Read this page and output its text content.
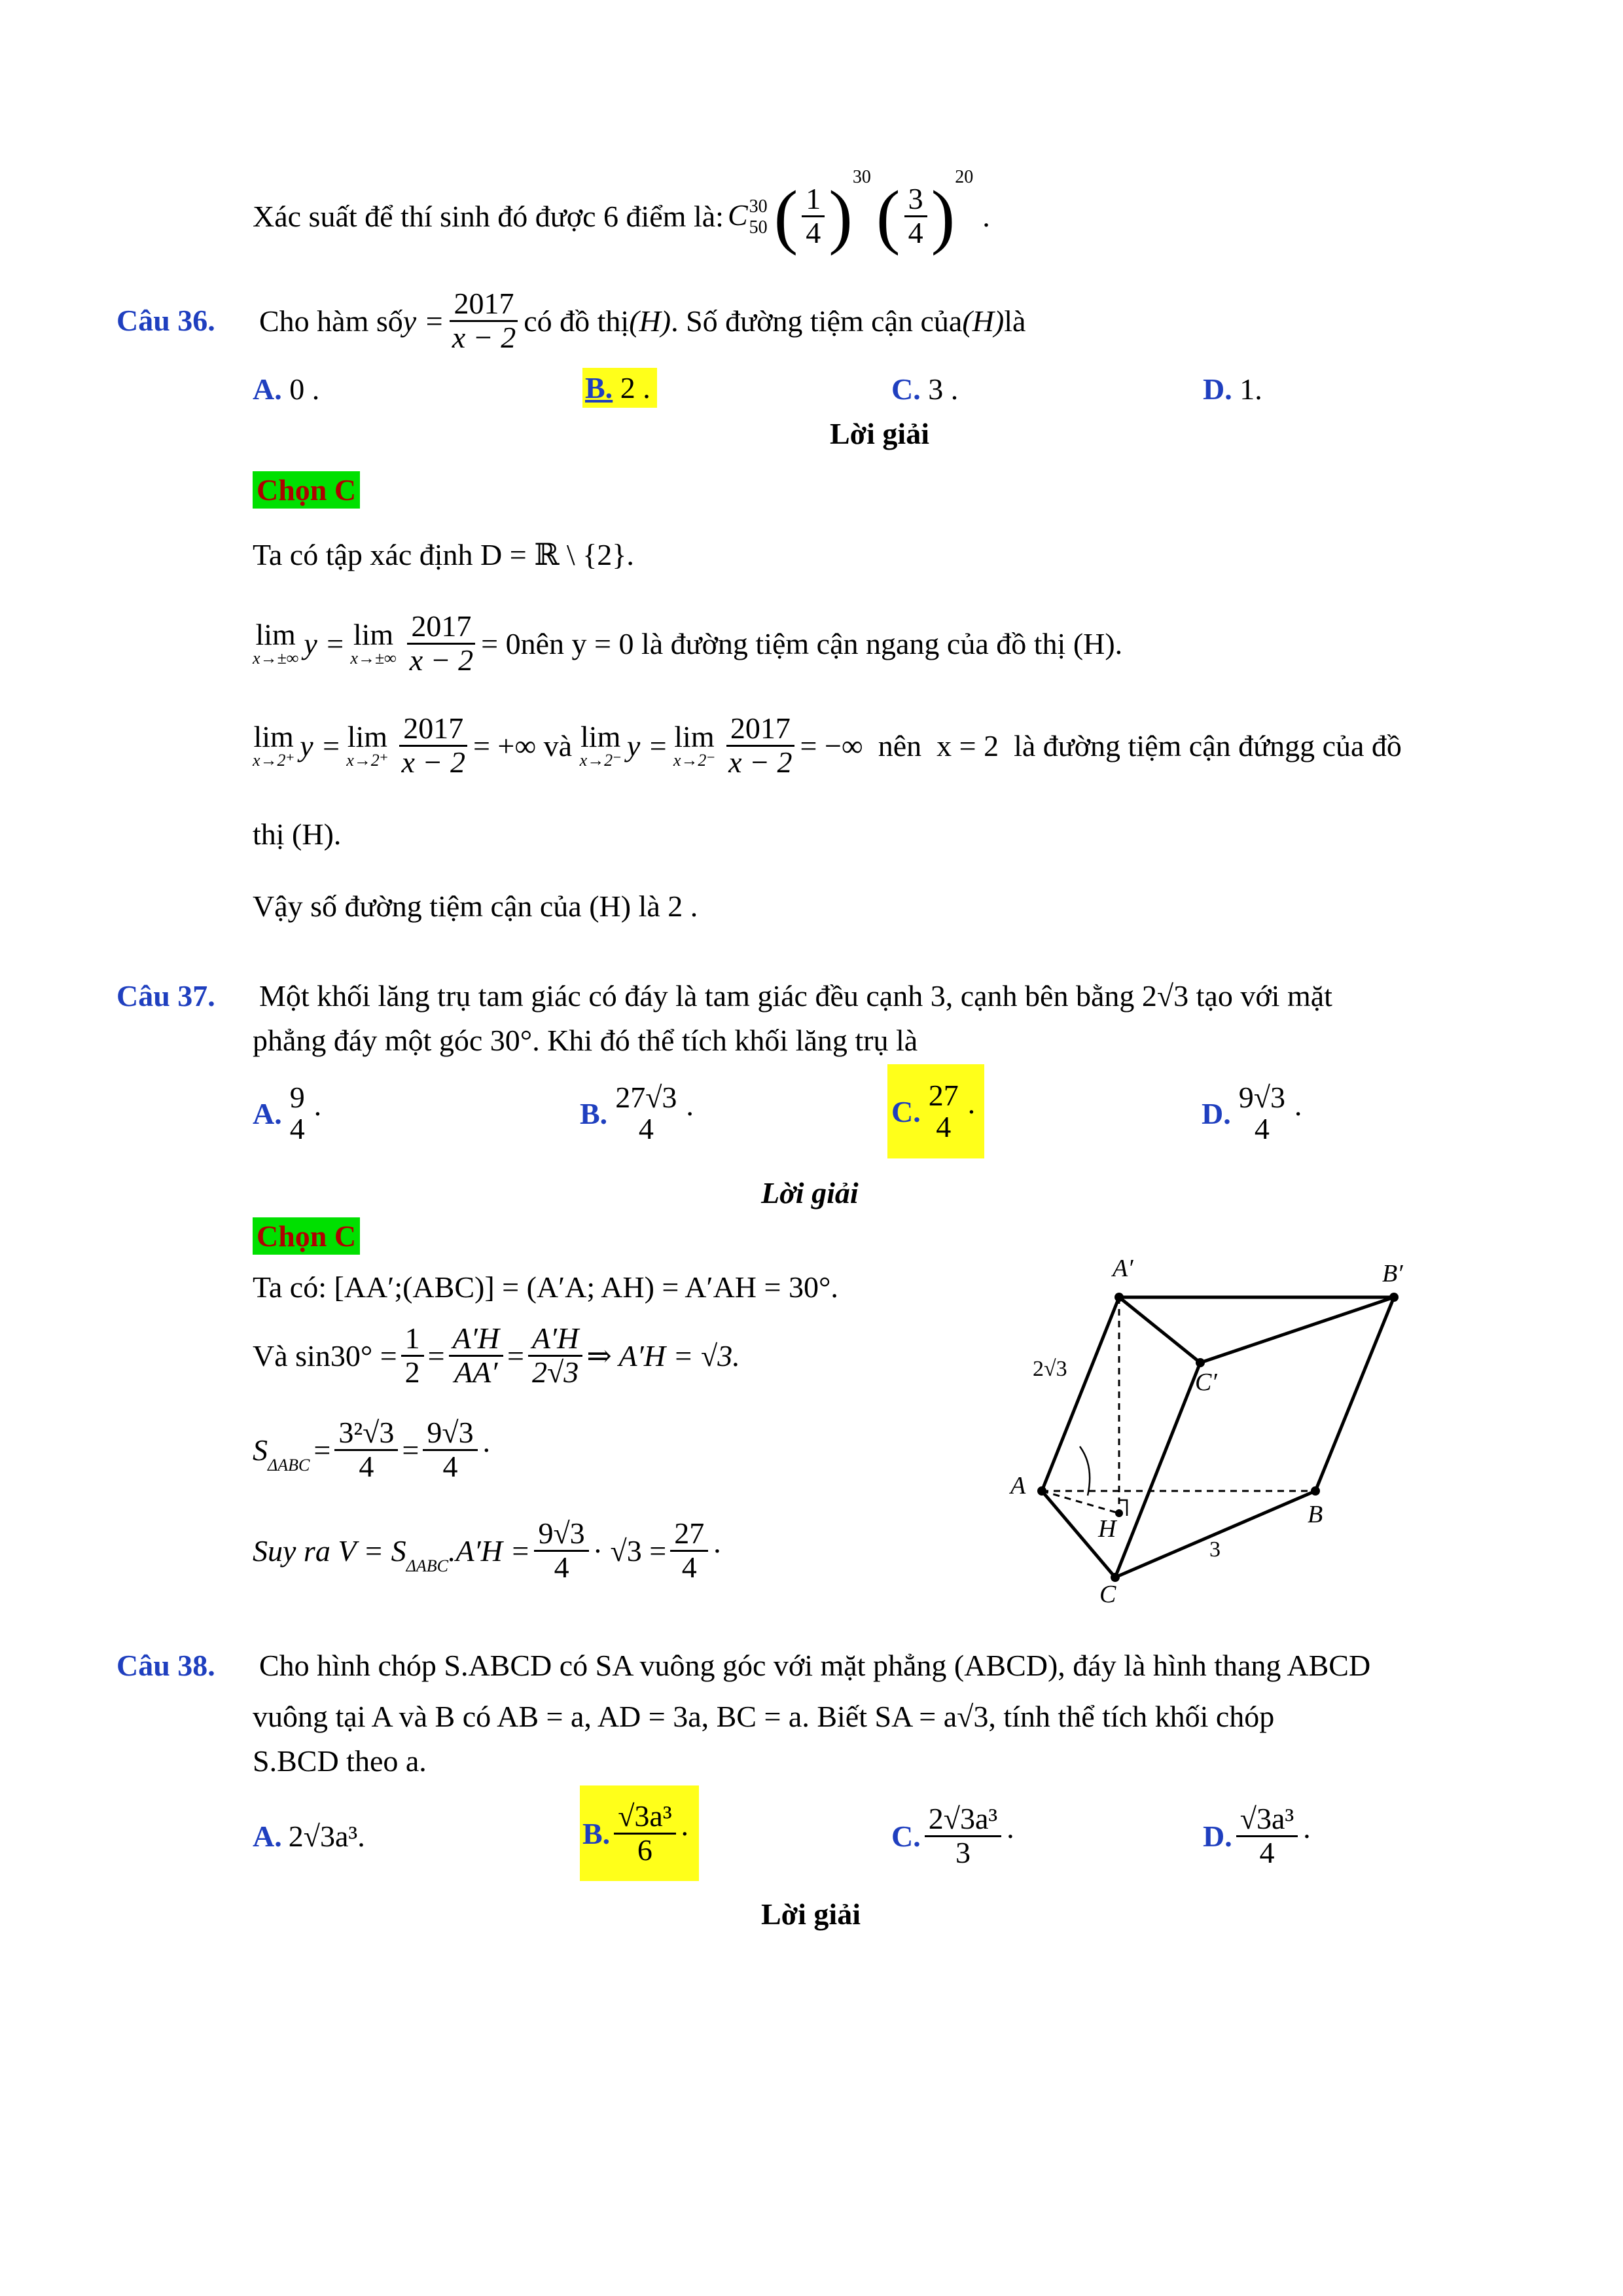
Xác suất để thí sinh đó được 6 điểm là: C 30
50 ( $\frac{1}{4}$ ) 30 ( $\frac{3}{4}$ ) 20
.
Câu 36. Cho hàm số $y = \frac{2017}{x - 2}$ có đồ thị (H) . Số đường tiệm cận của (H) là
A. 0 .	B. 2 .	C. 3 .	D. 1.
Lời giải
Chọn C
Ta có tập xác định D = ℝ \ {2}.
lim
x→±∞ y = lim
$x\to\pm\infty \frac{2017}{x - 2} = 0$ nên y = 0 là đường tiệm cận ngang của đồ thị (H).
lim
x→2⁺ y = lim
$x\to 2^+ \frac{2017}{x - 2}$ = +∞ và lim
x→2⁻ y = lim
$x\to 2^- \frac{2017}{x - 2}$ = −∞ nên  x = 2  là đường tiệm cận đứngg của đồ
thị (H).
Vậy số đường tiệm cận của (H) là 2 .
Câu 37. Một khối lăng trụ tam giác có đáy là tam giác đều cạnh 3, cạnh bên bằng 2√3 tạo với mặt
phẳng đáy một góc 30°. Khi đó thể tích khối lăng trụ là
A. 9
4 ·	B. 27√3
4 ·	C. 27
4 ·	D. 9√3
4 ·
Lời giải
Chọn C
Ta có: [AA′;(ABC)] = (A′A; AH) = A′AH = 30°.
Và $\sin 30^\circ = \frac{1}{2} = \frac{A'H}{AA'} = \frac{A'H}{2√3}$ ⇒ A′H = √3.
S $\Delta ABC = \frac{\text{3²√3}}{4} = \frac{9√3}{4}$ ·
Suy ra V = S ΔABC $.A'H = \frac{9√3}{4} \cdot √3 = \frac{27}{4}$ ·
A′	B′
C′
A
B
C
H
2√3
3
Câu 38. Cho hình chóp S.ABCD có SA vuông góc với mặt phẳng (ABCD), đáy là hình thang ABCD
vuông tại A và B có AB = a, AD = 3a, BC = a. Biết SA = a√3, tính thể tích khối chóp
S.BCD theo a.
A. 2√3a³.	B. $\frac{\text{√3a³}}{6}$ ·	C. $\frac{\text{2√3a³}}{3}$ ·	D. $\frac{\text{√3a³}}{4}$ ·
Lời giải
